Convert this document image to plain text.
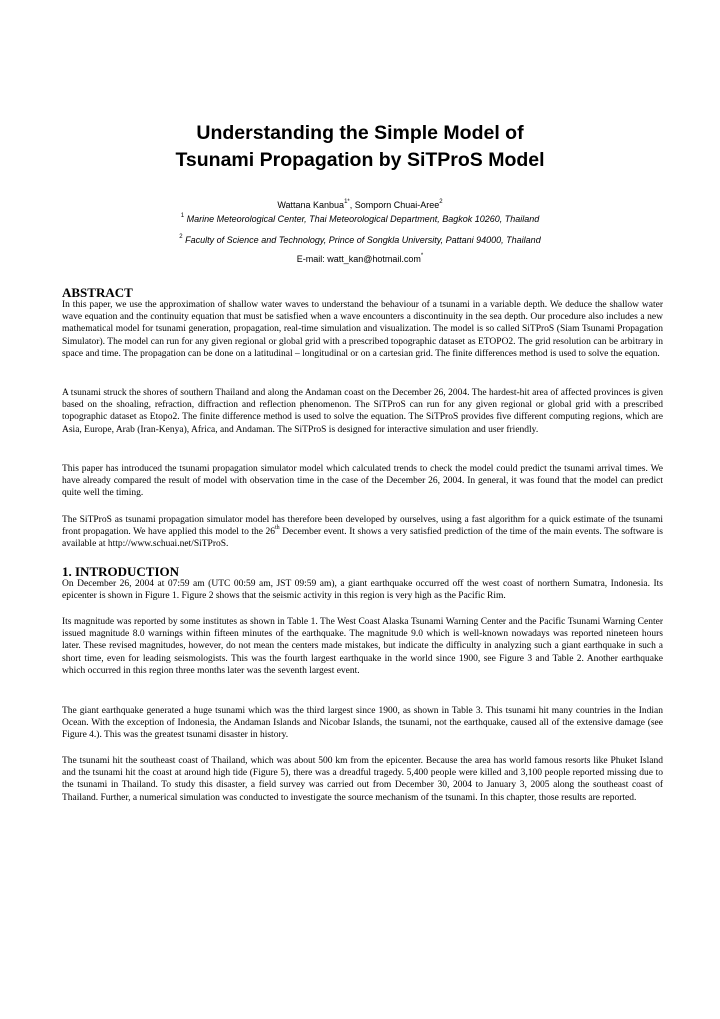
Understanding the Simple Model of
Tsunami Propagation by SiTProS Model

Wattana Kanbua$^{1*}$, Somporn Chuai-Aree$^2$

$^1$ Marine Meteorological Center, Thai Meteorological Department, Bagkok 10260, Thailand

$^2$ Faculty of Science and Technology, Prince of Songkla University, Pattani 94000, Thailand

E-mail: watt_kan@hotmail.com*

ABSTRACT

In this paper, we use the approximation of shallow water waves to understand the behaviour of a tsunami in a variable depth. We deduce the shallow water wave equation and the continuity equation that must be satisfied when a wave encounters a discontinuity in the sea depth. Our procedure also includes a new mathematical model for tsunami generation, propagation, real-time simulation and visualization. The model is so called SiTProS (Siam Tsunami Propagation Simulator). The model can run for any given regional or global grid with a prescribed topographic dataset as ETOPO2. The grid resolution can be arbitrary in space and time. The propagation can be done on a latitudinal – longitudinal or on a cartesian grid. The finite differences method is used to solve the equation.

A tsunami struck the shores of southern Thailand and along the Andaman coast on the December 26, 2004. The hardest-hit area of affected provinces is given based on the shoaling, refraction, diffraction and reflection phenomenon. The SiTProS can run for any given regional or global grid with a prescribed topographic dataset as Etopo2. The finite difference method is used to solve the equation. The SiTProS provides five different computing regions, which are Asia, Europe, Arab (Iran-Kenya), Africa, and Andaman. The SiTProS is designed for interactive simulation and user friendly.

This paper has introduced the tsunami propagation simulator model which calculated trends to check the model could predict the tsunami arrival times. We have already compared the result of model with observation time in the case of the December 26, 2004. In general, it was found that the model can predict quite well the timing.

The SiTProS as tsunami propagation simulator model has therefore been developed by ourselves, using a fast algorithm for a quick estimate of the tsunami front propagation. We have applied this model to the 26th December event. It shows a very satisfied prediction of the time of the main events. The software is available at http://www.schuai.net/SiTProS.

1. INTRODUCTION

On December 26, 2004 at 07:59 am (UTC 00:59 am, JST 09:59 am), a giant earthquake occurred off the west coast of northern Sumatra, Indonesia. Its epicenter is shown in Figure 1. Figure 2 shows that the seismic activity in this region is very high as the Pacific Rim.

Its magnitude was reported by some institutes as shown in Table 1. The West Coast Alaska Tsunami Warning Center and the Pacific Tsunami Warning Center issued magnitude 8.0 warnings within fifteen minutes of the earthquake. The magnitude 9.0 which is well-known nowadays was reported nineteen hours later. These revised magnitudes, however, do not mean the centers made mistakes, but indicate the difficulty in analyzing such a giant earthquake in such a short time, even for leading seismologists. This was the fourth largest earthquake in the world since 1900, see Figure 3 and Table 2. Another earthquake which occurred in this region three months later was the seventh largest event.

The giant earthquake generated a huge tsunami which was the third largest since 1900, as shown in Table 3. This tsunami hit many countries in the Indian Ocean. With the exception of Indonesia, the Andaman Islands and Nicobar Islands, the tsunami, not the earthquake, caused all of the extensive damage (see Figure 4.). This was the greatest tsunami disaster in history.

The tsunami hit the southeast coast of Thailand, which was about 500 km from the epicenter. Because the area has world famous resorts like Phuket Island and the tsunami hit the coast at around high tide (Figure 5), there was a dreadful tragedy. 5,400 people were killed and 3,100 people reported missing due to the tsunami in Thailand. To study this disaster, a field survey was carried out from December 30, 2004 to January 3, 2005 along the southeast coast of Thailand. Further, a numerical simulation was conducted to investigate the source mechanism of the tsunami. In this chapter, those results are reported.
